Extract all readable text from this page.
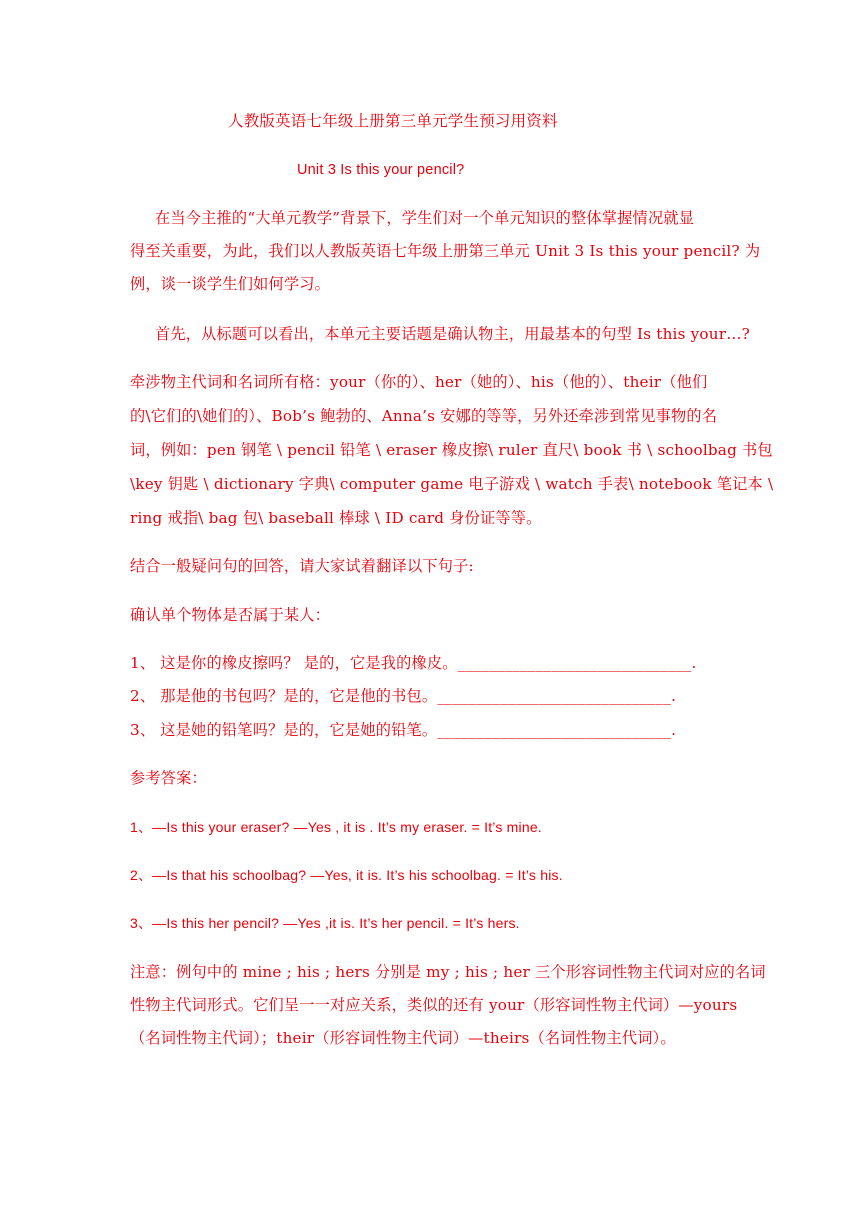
人教版英语七年级上册第三单元学生预习用资料
Unit 3 Is this your pencil?
在当今主推的“大单元教学”背景下，学生们对一个单元知识的整体掌握情况就显
得至关重要，为此，我们以人教版英语七年级上册第三单元 Unit 3 Is this your pencil? 为
例，谈一谈学生们如何学习。
首先，从标题可以看出，本单元主要话题是确认物主，用最基本的句型 Is this your…?
牵涉物主代词和名词所有格：your（你的）、her（她的）、his（他的）、their（他们
的\它们的\她们的）、Bob’s 鲍勃的、Anna’s 安娜的等等，另外还牵涉到常见事物的名
词，例如：pen 钢笔 \ pencil 铅笔 \ eraser 橡皮擦\ ruler 直尺\ book 书 \ schoolbag 书包
\key 钥匙 \ dictionary 字典\ computer game 电子游戏 \ watch 手表\ notebook 笔记本 \
ring 戒指\ bag 包\ baseball 棒球 \ ID card 身份证等等。
结合一般疑问句的回答，请大家试着翻译以下句子:
确认单个物体是否属于某人：
1、 这是你的橡皮擦吗？ 是的，它是我的橡皮。______________________________.
2、 那是他的书包吗？是的，它是他的书包。______________________________.
3、 这是她的铅笔吗？是的，它是她的铅笔。______________________________.
参考答案：
1、—Is this your eraser? —Yes , it is . It’s my eraser. = It’s mine.
2、—Is that his schoolbag? —Yes, it is. It’s his schoolbag. = It’s his.
3、—Is this her pencil? —Yes ,it is. It’s her pencil. = It’s hers.
注意：例句中的 mine ; his ; hers 分别是 my ; his ; her 三个形容词性物主代词对应的名词
性物主代词形式。它们呈一一对应关系，类似的还有 your（形容词性物主代词）—yours
（名词性物主代词）；their（形容词性物主代词）—theirs（名词性物主代词）。
